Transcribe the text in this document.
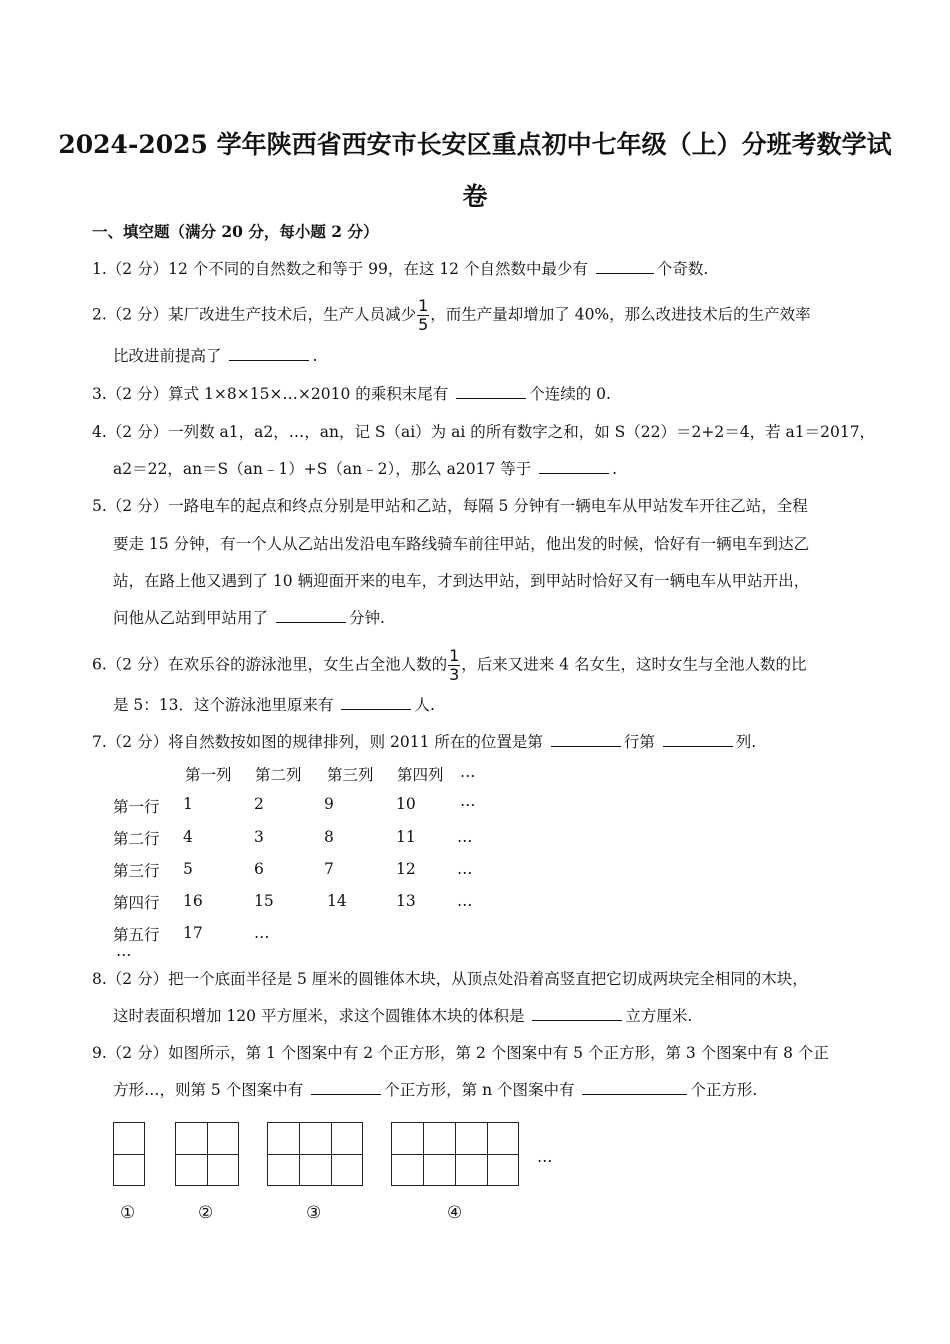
2024-2025 学年陕西省西安市长安区重点初中七年级（上）分班考数学试
卷
一、填空题（满分 20 分，每小题 2 分）
1.（2 分）12 个不同的自然数之和等于 99，在这 12 个自然数中最少有	个奇数.
2.（2 分）某厂改进生产技术后，生产人员减少 $\frac{1}{5}$ ，而生产量却增加了 40%，那么改进技术后的生产效率
比改进前提高了	.
3.（2 分）算式 1×8×15×…×2010 的乘积末尾有	个连续的 0.
4.（2 分）一列数 a1，a2，…，an，记 S（ai）为 ai 的所有数字之和，如 S（22）＝2+2＝4，若 a1＝2017，
a2＝22，an＝S（an﹣1）+S（an﹣2），那么 a2017 等于	.
5.（2 分）一路电车的起点和终点分别是甲站和乙站，每隔 5 分钟有一辆电车从甲站发车开往乙站，全程
要走 15 分钟，有一个人从乙站出发沿电车路线骑车前往甲站，他出发的时候，恰好有一辆电车到达乙
站，在路上他又遇到了 10 辆迎面开来的电车，才到达甲站，到甲站时恰好又有一辆电车从甲站开出，
问他从乙站到甲站用了	分钟.
6.（2 分）在欢乐谷的游泳池里，女生占全池人数的 $\frac{1}{3}$ ，后来又进来 4 名女生，这时女生与全池人数的比
是 5：13．这个游泳池里原来有	人.
7.（2 分）将自然数按如图的规律排列，则 2011 所在的位置是第	行第	列.
第一列 第二列 第三列 第四列 …
第一行 1	2	9	10	…
第二行 4	3	8	11	…
第三行 5	6	7	12	…
第四行 16	15	14	13	…
第五行 17	…
…
8.（2 分）把一个底面半径是 5 厘米的圆锥体木块，从顶点处沿着高竖直把它切成两块完全相同的木块，
这时表面积增加 120 平方厘米，求这个圆锥体木块的体积是	立方厘米.
9.（2 分）如图所示，第 1 个图案中有 2 个正方形，第 2 个图案中有 5 个正方形，第 3 个图案中有 8 个正
方形…，则第 5 个图案中有	个正方形，第 n 个图案中有	个正方形.
…
①	②	③	④
